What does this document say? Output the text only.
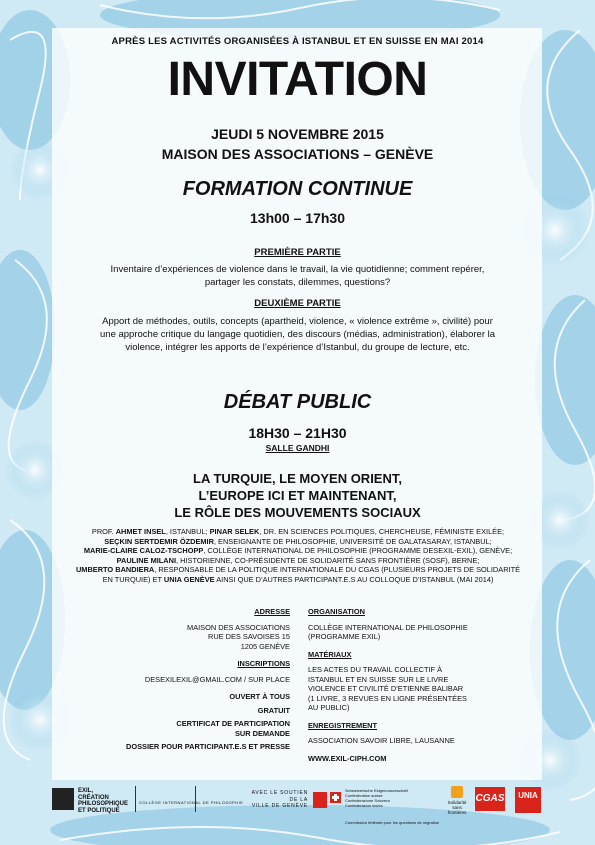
APRÈS LES ACTIVITÉS ORGANISÉES À ISTANBUL ET EN SUISSE EN MAI 2014
INVITATION
JEUDI 5 NOVEMBRE 2015
MAISON DES ASSOCIATIONS – GENÈVE
FORMATION CONTINUE
13h00 – 17h30
PREMIÈRE PARTIE
Inventaire d’expériences de violence dans le travail, la vie quotidienne; comment repérer, partager les constats, dilemmes, questions?
DEUXIÈME PARTIE
Apport de méthodes, outils, concepts (apartheid, violence, « violence extrême », civilité) pour une approche critique du langage quotidien, des discours (médias, administration), élaborer la violence, intégrer les apports de l’expérience d’Istanbul, du groupe de lecture, etc.
DÉBAT PUBLIC
18H30 – 21H30
SALLE GANDHI
LA TURQUIE, LE MOYEN ORIENT,
L’EUROPE ICI ET MAINTENANT,
LE RÔLE DES MOUVEMENTS SOCIAUX
PROF. AHMET INSEL, ISTANBUL; PINAR SELEK, DR. EN SCIENCES POLITIQUES, CHERCHEUSE, FÉMINISTE EXILÉE;
SEÇKIN SERTDEMIR ÖZDEMIR, ENSEIGNANTE DE PHILOSOPHIE, UNIVERSITÉ DE GALATASARAY, ISTANBUL;
MARIE-CLAIRE CALOZ-TSCHOPP, COLLÈGE INTERNATIONAL DE PHILOSOPHIE (PROGRAMME DESEXIL-EXIL), GENÈVE;
PAULINE MILANI, HISTORIENNE, CO-PRÉSIDENTE DE SOLIDARITÉ SANS FRONTIÈRE (SOSF), BERNE;
UMBERTO BANDIERA, RESPONSABLE DE LA POLITIQUE INTERNATIONALE DU CGAS (PLUSIEURS PROJETS DE SOLIDARITÉ
EN TURQUIE) ET UNIA GENÈVE AINSI QUE D’AUTRES PARTICIPANT.E.S AU COLLOQUE D’ISTANBUL (MAI 2014)
ADRESSE
MAISON DES ASSOCIATIONS
RUE DES SAVOISES 15
1205 GENÈVE
INSCRIPTIONS
DESEXILEXIL@GMAIL.COM / SUR PLACE
OUVERT À TOUS
GRATUIT
CERTIFICAT DE PARTICIPATION
SUR DEMANDE
DOSSIER POUR PARTICIPANT.E.S ET PRESSE
ORGANISATION
COLLÈGE INTERNATIONAL DE PHILOSOPHIE
(PROGRAMME EXIL)
MATÉRIAUX
LES ACTES DU TRAVAIL COLLECTIF À
ISTANBUL ET EN SUISSE SUR LE LIVRE
VIOLENCE ET CIVILITÉ D’ETIENNE BALIBAR
(1 LIVRE, 3 REVUES EN LIGNE PRÉSENTÉES
AU PUBLIC)
ENREGISTREMENT
ASSOCIATION SAVOIR LIBRE, LAUSANNE
WWW.EXIL-CIPH.COM
EXIL,
CRÉATION
PHILOSOPHIQUE
ET POLITIQUE
COLLÈGE INTERNATIONAL DE PHILOSOPHIE
AVEC LE SOUTIEN
DE LA
VILLE DE GENÈVE
Schweizerische Eidgenossenschaft
Confédération suisse
Confederazione Svizzera
Confederaziun svizra
Commission fédérale pour les questions de migration
Solidarité
sans
frontières
CGAS	UNIA
